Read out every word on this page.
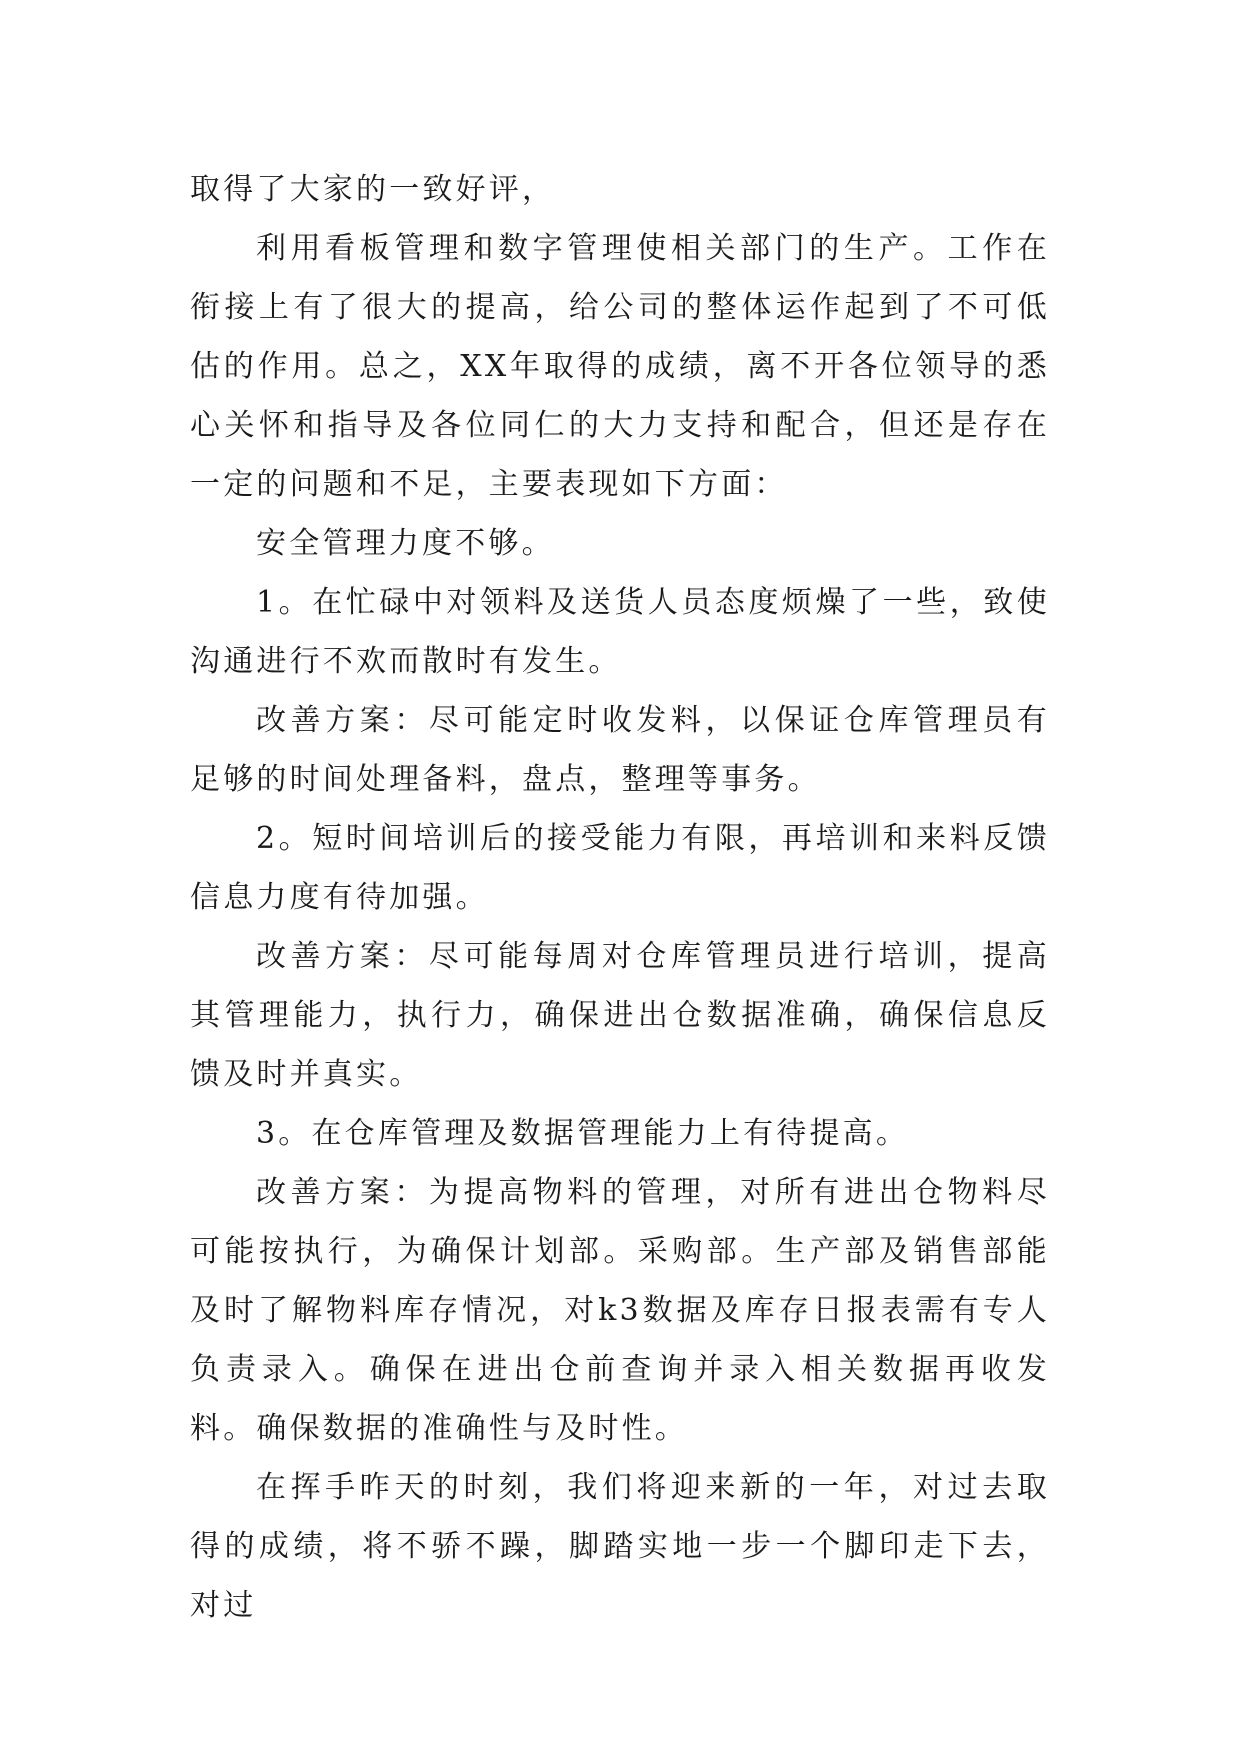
取得了大家的一致好评，

利用看板管理和数字管理使相关部门的生产。工作在衔接上有了很大的提高，给公司的整体运作起到了不可低估的作用。总之，XX年取得的成绩，离不开各位领导的悉心关怀和指导及各位同仁的大力支持和配合，但还是存在一定的问题和不足，主要表现如下方面：

安全管理力度不够。

1。在忙碌中对领料及送货人员态度烦燥了一些，致使沟通进行不欢而散时有发生。

改善方案：尽可能定时收发料，以保证仓库管理员有足够的时间处理备料，盘点，整理等事务。

2。短时间培训后的接受能力有限，再培训和来料反馈信息力度有待加强。

改善方案：尽可能每周对仓库管理员进行培训，提高其管理能力，执行力，确保进出仓数据准确，确保信息反馈及时并真实。

3。在仓库管理及数据管理能力上有待提高。

改善方案：为提高物料的管理，对所有进出仓物料尽可能按执行，为确保计划部。采购部。生产部及销售部能及时了解物料库存情况，对k3数据及库存日报表需有专人负责录入。确保在进出仓前查询并录入相关数据再收发料。确保数据的准确性与及时性。

在挥手昨天的时刻，我们将迎来新的一年，对过去取得的成绩，将不骄不躁，脚踏实地一步一个脚印走下去，对过
